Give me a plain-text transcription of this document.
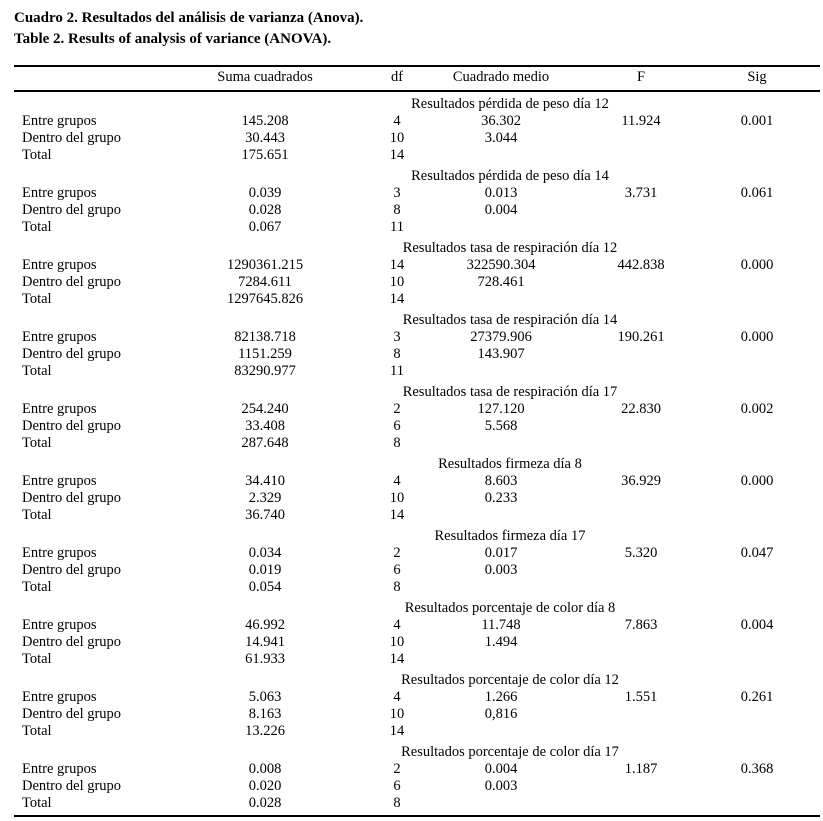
Cuadro 2. Resultados del análisis de varianza (Anova).
Table 2. Results of analysis of variance (ANOVA).
	Suma cuadrados	df	Cuadrado medio	F	Sig
Resultados pérdida de peso día 12					
Entre grupos	145.208	4	36.302	11.924	0.001
Dentro del grupo	30.443	10	3.044		
Total	175.651	14			
Resultados pérdida de peso día 14					
Entre grupos	0.039	3	0.013	3.731	0.061
Dentro del grupo	0.028	8	0.004		
Total	0.067	11			
Resultados tasa de respiración día 12					
Entre grupos	1290361.215	14	322590.304	442.838	0.000
Dentro del grupo	7284.611	10	728.461		
Total	1297645.826	14			
Resultados tasa de respiración día 14					
Entre grupos	82138.718	3	27379.906	190.261	0.000
Dentro del grupo	1151.259	8	143.907		
Total	83290.977	11			
Resultados tasa de respiración día 17					
Entre grupos	254.240	2	127.120	22.830	0.002
Dentro del grupo	33.408	6	5.568		
Total	287.648	8			
Resultados firmeza día 8					
Entre grupos	34.410	4	8.603	36.929	0.000
Dentro del grupo	2.329	10	0.233		
Total	36.740	14			
Resultados firmeza día 17					
Entre grupos	0.034	2	0.017	5.320	0.047
Dentro del grupo	0.019	6	0.003		
Total	0.054	8			
Resultados porcentaje de color día 8					
Entre grupos	46.992	4	11.748	7.863	0.004
Dentro del grupo	14.941	10	1.494		
Total	61.933	14			
Resultados porcentaje de color día 12					
Entre grupos	5.063	4	1.266	1.551	0.261
Dentro del grupo	8.163	10	0,816		
Total	13.226	14			
Resultados porcentaje de color día 17					
Entre grupos	0.008	2	0.004	1.187	0.368
Dentro del grupo	0.020	6	0.003		
Total	0.028	8			
